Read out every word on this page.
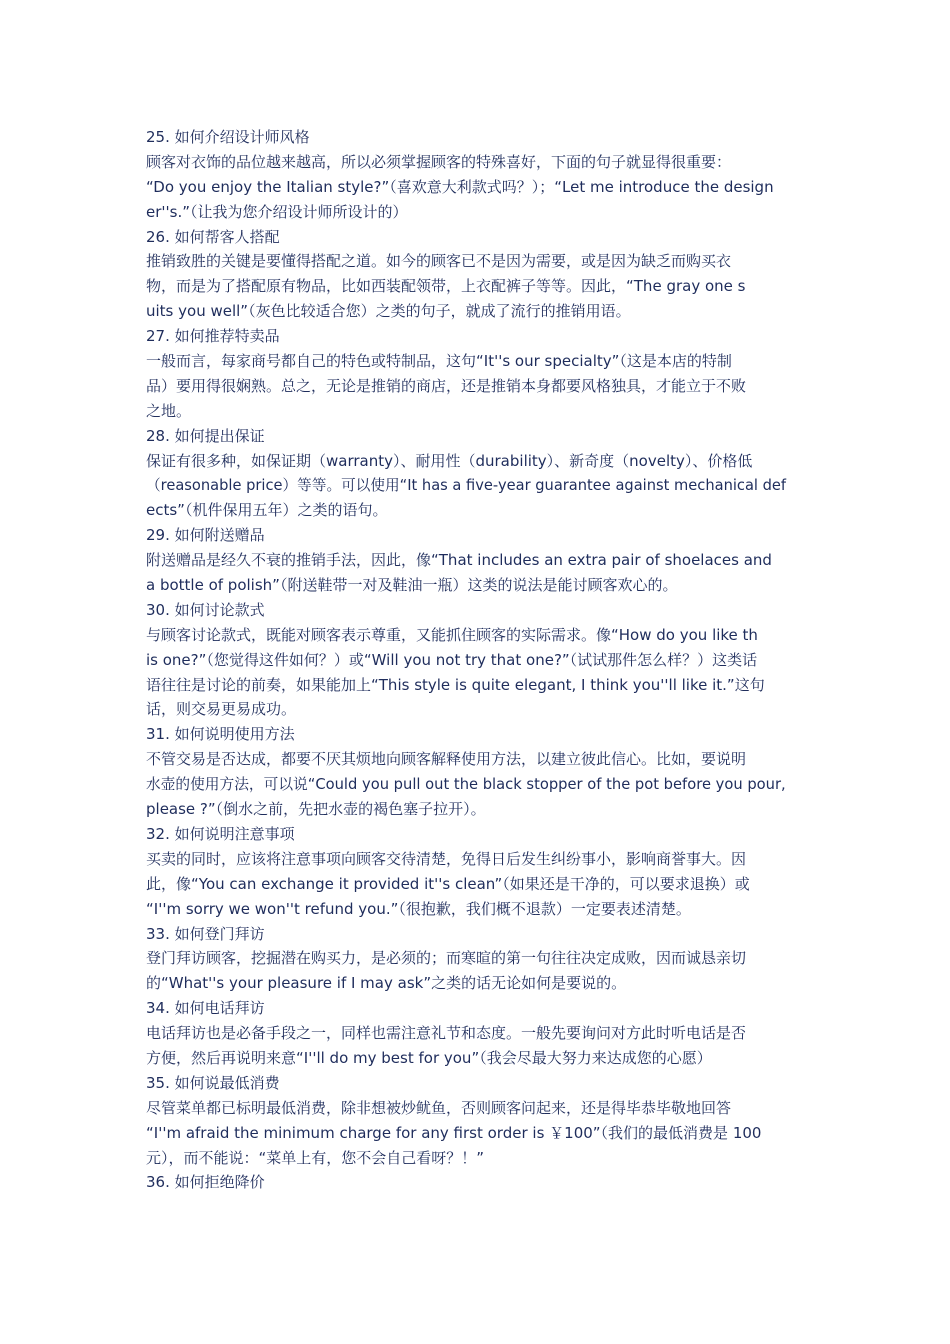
25. 如何介绍设计师风格
顾客对衣饰的品位越来越高，所以必须掌握顾客的特殊喜好，下面的句子就显得很重要：
“Do you enjoy the Italian style?”（喜欢意大利款式吗？）；“Let me introduce the design
er''s.”（让我为您介绍设计师所设计的）
26. 如何帮客人搭配
推销致胜的关键是要懂得搭配之道。如今的顾客已不是因为需要，或是因为缺乏而购买衣
物，而是为了搭配原有物品，比如西装配领带，上衣配裤子等等。因此，“The gray one s
uits you well”（灰色比较适合您）之类的句子，就成了流行的推销用语。
27. 如何推荐特卖品
一般而言，每家商号都自己的特色或特制品，这句“It''s our specialty”（这是本店的特制
品）要用得很娴熟。总之，无论是推销的商店，还是推销本身都要风格独具，才能立于不败
之地。
28. 如何提出保证
保证有很多种，如保证期（warranty）、耐用性（durability）、新奇度（novelty）、价格低
（reasonable price）等等。可以使用“It has a five-year guarantee against mechanical def
ects”（机件保用五年）之类的语句。
29. 如何附送赠品
附送赠品是经久不衰的推销手法，因此，像“That includes an extra pair of shoelaces and
a bottle of polish”（附送鞋带一对及鞋油一瓶）这类的说法是能讨顾客欢心的。
30. 如何讨论款式
与顾客讨论款式，既能对顾客表示尊重，又能抓住顾客的实际需求。像“How do you like th
is one?”（您觉得这件如何？）或“Will you not try that one?”（试试那件怎么样？）这类话
语往往是讨论的前奏，如果能加上“This style is quite elegant, I think you''ll like it.”这句
话，则交易更易成功。
31. 如何说明使用方法
不管交易是否达成，都要不厌其烦地向顾客解释使用方法，以建立彼此信心。比如，要说明
水壶的使用方法，可以说“Could you pull out the black stopper of the pot before you pour,
please ?”（倒水之前，先把水壶的褐色塞子拉开）。
32. 如何说明注意事项
买卖的同时，应该将注意事项向顾客交待清楚，免得日后发生纠纷事小，影响商誉事大。因
此，像“You can exchange it provided it''s clean”（如果还是干净的，可以要求退换）或
“I''m sorry we won''t refund you.”（很抱歉，我们概不退款）一定要表述清楚。
33. 如何登门拜访
登门拜访顾客，挖掘潜在购买力，是必须的；而寒暄的第一句往往决定成败，因而诚恳亲切
的“What''s your pleasure if I may ask”之类的话无论如何是要说的。
34. 如何电话拜访
电话拜访也是必备手段之一，同样也需注意礼节和态度。一般先要询问对方此时听电话是否
方便，然后再说明来意“I''ll do my best for you”（我会尽最大努力来达成您的心愿）
35. 如何说最低消费
尽管菜单都已标明最低消费，除非想被炒鱿鱼，否则顾客问起来，还是得毕恭毕敬地回答
“I''m afraid the minimum charge for any first order is ￥100”（我们的最低消费是 100
元），而不能说：“菜单上有，您不会自己看呀？！”
36. 如何拒绝降价
